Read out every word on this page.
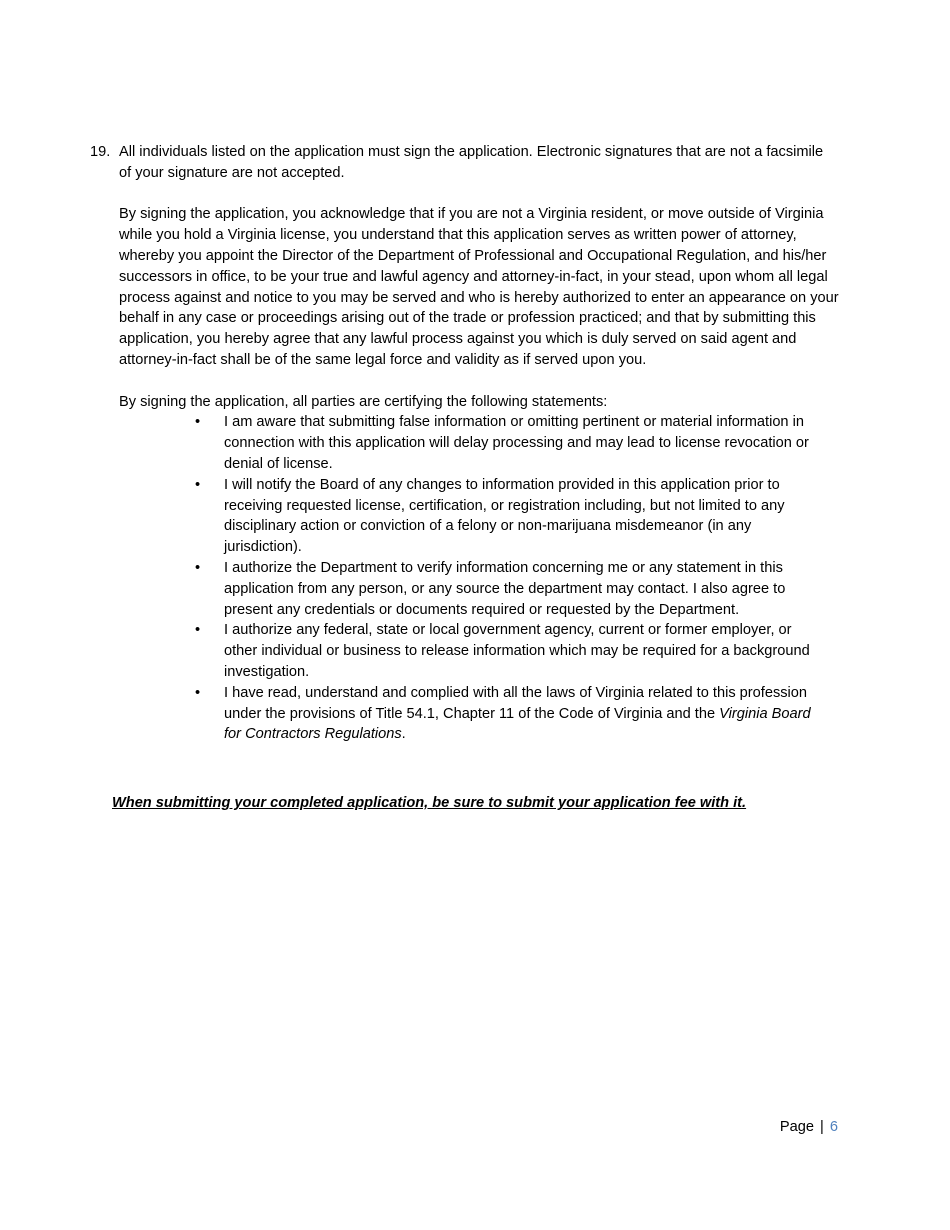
19. All individuals listed on the application must sign the application. Electronic signatures that are not a facsimile of your signature are not accepted.

By signing the application, you acknowledge that if you are not a Virginia resident, or move outside of Virginia while you hold a Virginia license, you understand that this application serves as written power of attorney, whereby you appoint the Director of the Department of Professional and Occupational Regulation, and his/her successors in office, to be your true and lawful agency and attorney-in-fact, in your stead, upon whom all legal process against and notice to you may be served and who is hereby authorized to enter an appearance on your behalf in any case or proceedings arising out of the trade or profession practiced; and that by submitting this application, you hereby agree that any lawful process against you which is duly served on said agent and attorney-in-fact shall be of the same legal force and validity as if served upon you.

By signing the application, all parties are certifying the following statements:

• I am aware that submitting false information or omitting pertinent or material information in connection with this application will delay processing and may lead to license revocation or denial of license.
• I will notify the Board of any changes to information provided in this application prior to receiving requested license, certification, or registration including, but not limited to any disciplinary action or conviction of a felony or non-marijuana misdemeanor (in any jurisdiction).
• I authorize the Department to verify information concerning me or any statement in this application from any person, or any source the department may contact. I also agree to present any credentials or documents required or requested by the Department.
• I authorize any federal, state or local government agency, current or former employer, or other individual or business to release information which may be required for a background investigation.
• I have read, understand and complied with all the laws of Virginia related to this profession under the provisions of Title 54.1, Chapter 11 of the Code of Virginia and the Virginia Board for Contractors Regulations.
When submitting your completed application, be sure to submit your application fee with it.
Page | 6
